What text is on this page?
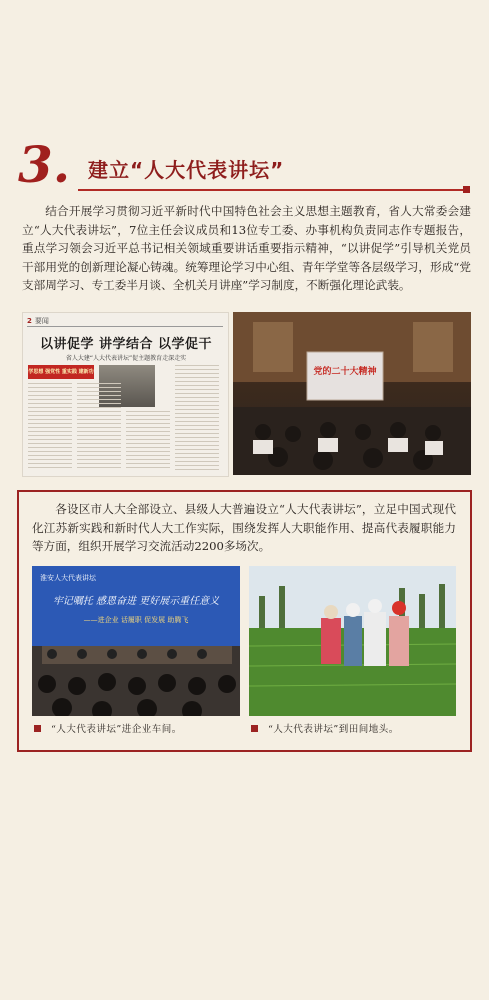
3. 建立“人大代表讲坛”
结合开展学习贯彻习近平新时代中国特色社会主义思想主题教育，省人大常委会建立“人大代表讲坛”，7位主任会议成员和13位专工委、办事机构负责同志作专题报告，重点学习领会习近平总书记相关领域重要讲话重要指示精神，“以讲促学”引导机关党员干部用党的创新理论凝心铸魂。统筹理论学习中心组、青年学堂等各层级学习，形成“党支部周学习、专工委半月谈、全机关月讲座”学习制度，不断强化理论武装。
2 要闻
以讲促学 讲学结合 以学促干
省人大建“人大代表讲坛”促主题教育走深走实
学思想 强党性 重实践 建新功	党的二十大精神
各设区市人大全部设立、县级人大普遍设立“人大代表讲坛”，立足中国式现代化江苏新实践和新时代人大工作实际，围绕发挥人大职能作用、提高代表履职能力等方面，组织开展学习交流活动2200多场次。
淮安人大代表讲坛
牢记嘱托 感恩奋进 更好展示重任意义
——进企业 话履职 促发展 助腾飞
“人大代表讲坛”进企业车间。	“人大代表讲坛”到田间地头。
